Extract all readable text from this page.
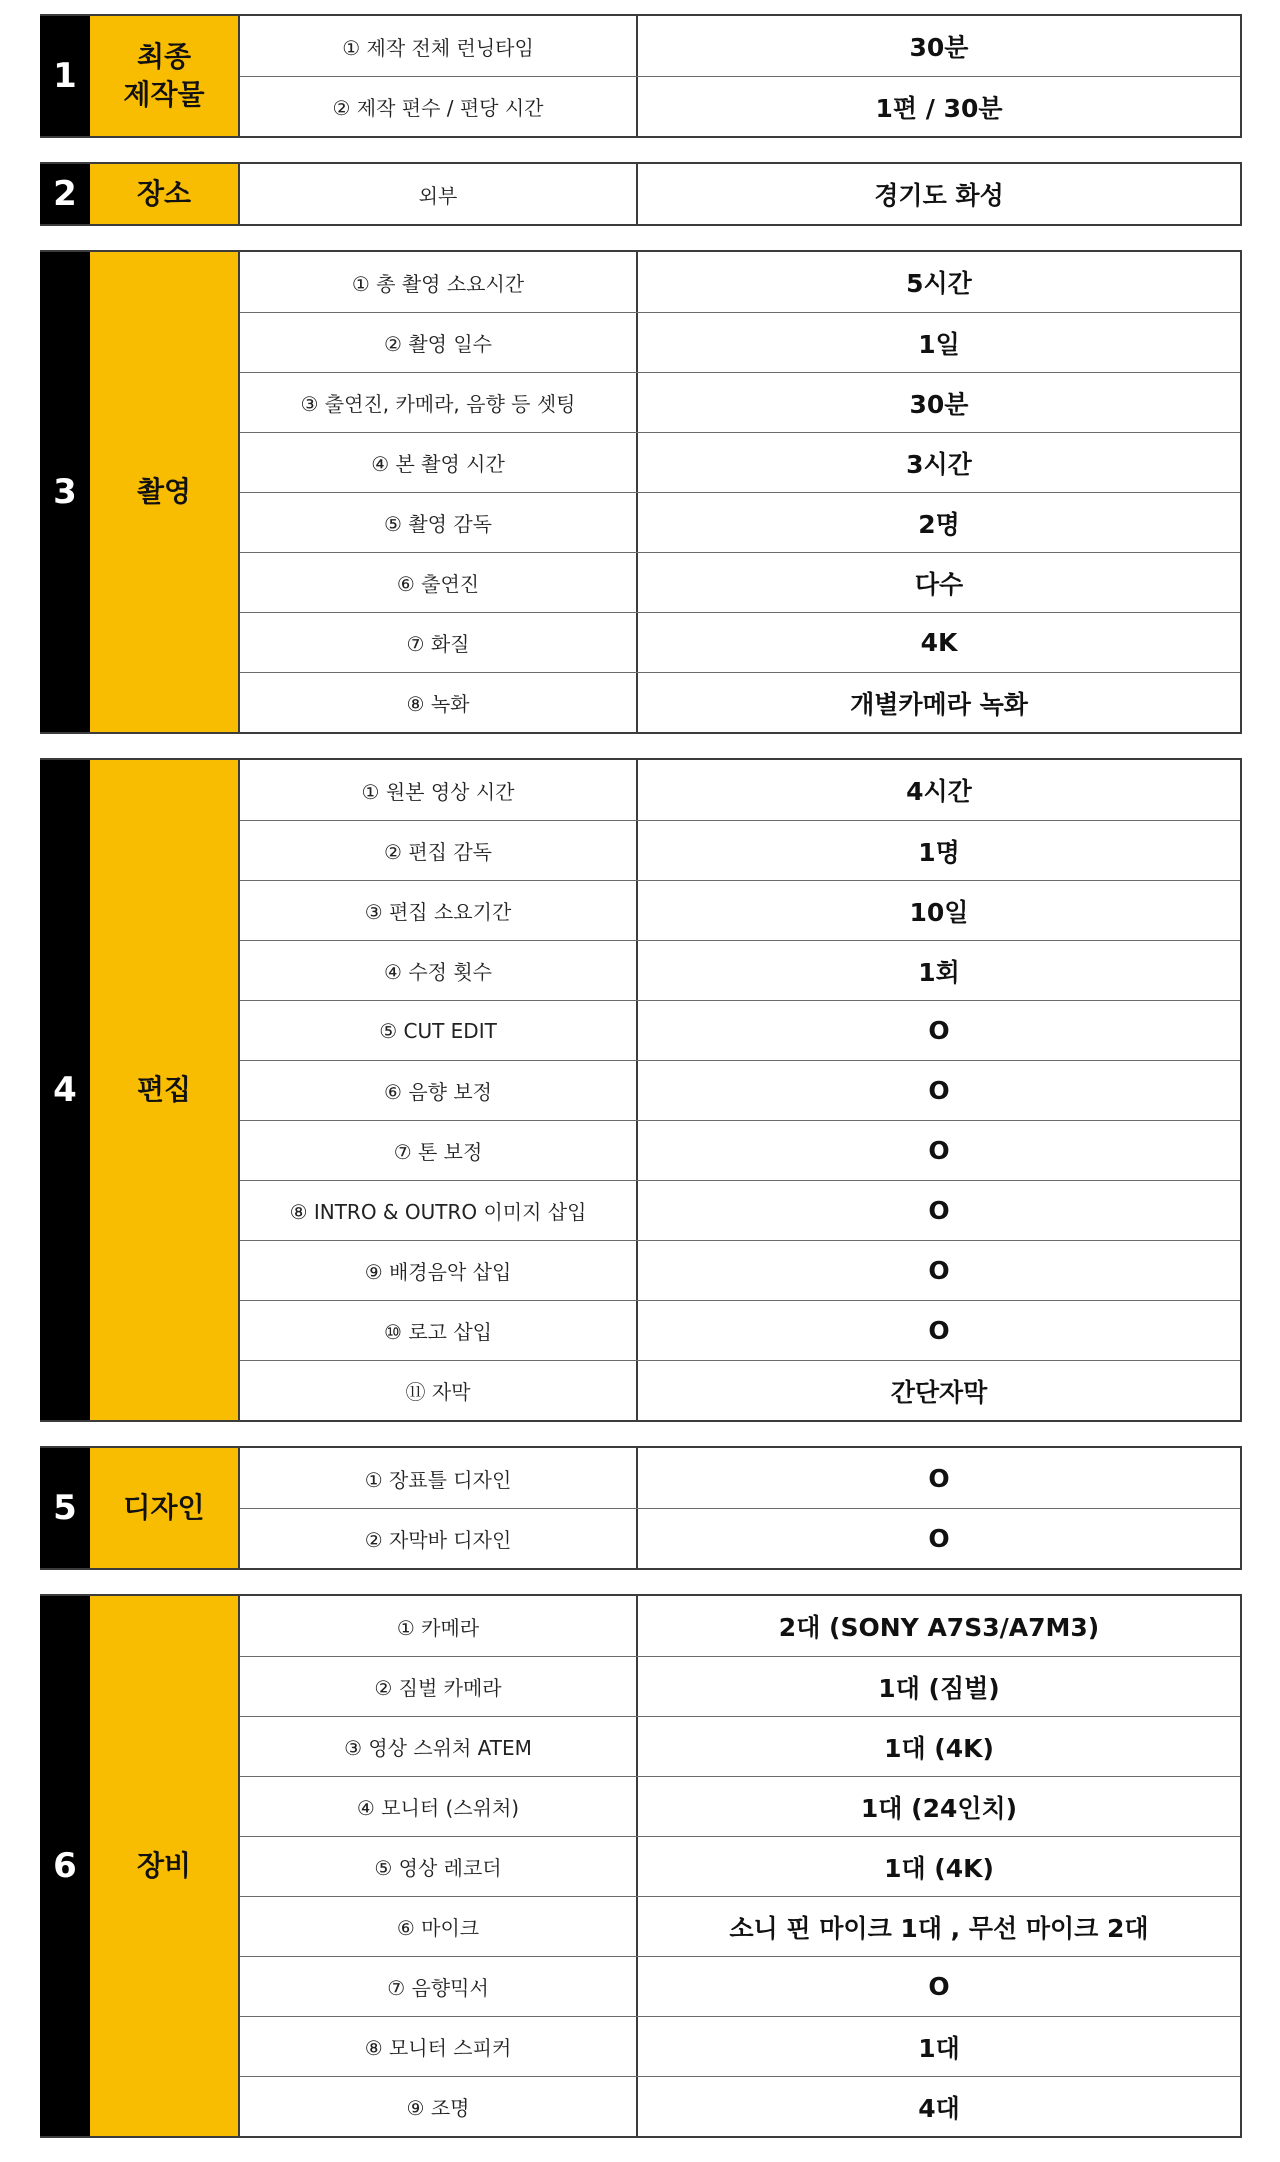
1	최종
제작물
① 제작 전체 런닝타임	30분
② 제작 편수 / 편당 시간	1편 / 30분
2	장소	외부	경기도 화성
3	촬영
① 총 촬영 소요시간	5시간
② 촬영 일수	1일
③ 출연진, 카메라, 음향 등 셋팅	30분
④ 본 촬영 시간	3시간
⑤ 촬영 감독	2명
⑥ 출연진	다수
⑦ 화질	4K
⑧ 녹화	개별카메라 녹화
4	편집
① 원본 영상 시간	4시간
② 편집 감독	1명
③ 편집 소요기간	10일
④ 수정 횟수	1회
⑤ CUT EDIT	O
⑥ 음향 보정	O
⑦ 톤 보정	O
⑧ INTRO & OUTRO 이미지 삽입	O
⑨ 배경음악 삽입	O
⑩ 로고 삽입	O
⑪ 자막	간단자막
5	디자인
① 장표틀 디자인	O
② 자막바 디자인	O
6	장비
① 카메라	2대 (SONY A7S3/A7M3)
② 짐벌 카메라	1대 (짐벌)
③ 영상 스위처 ATEM	1대 (4K)
④ 모니터 (스위처)	1대 (24인치)
⑤ 영상 레코더	1대 (4K)
⑥ 마이크	소니 핀 마이크 1대 , 무선 마이크 2대
⑦ 음향믹서	O
⑧ 모니터 스피커	1대
⑨ 조명	4대
